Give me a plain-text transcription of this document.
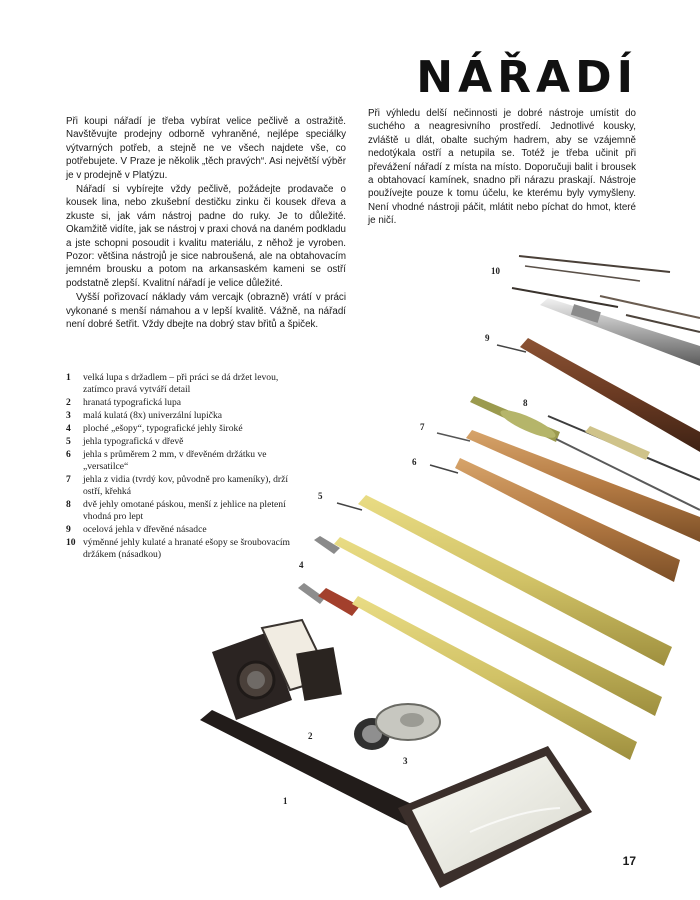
10
9
8
7
6
5
4
2
3
1
NÁŘADÍ

Při koupi nářadí je třeba vybírat velice pečlivě a ostražitě. Navštěvujte prodejny odborně vyhraněné, nejlépe speciálky výtvarných potřeb, a stejně ne ve všech najdete vše, co potřebujete. V Praze je několik „těch pravých“. Asi největší výběr je v prodejně v Platýzu.

Nářadí si vybírejte vždy pečlivě, požádejte prodavače o kousek lina, nebo zkušební destičku zinku či kousek dřeva a zkuste si, jak vám nástroj padne do ruky. Je to důležité. Okamžitě vidíte, jak se nástroj v praxi chová na daném podkladu a jste schopni posoudit i kvalitu materiálu, z něhož je vyroben. Pozor: většina nástrojů je sice nabroušená, ale na obtahovacím jemném brousku a potom na arkansaském kameni se ostří podstatně zlepší. Kvalitní nářadí je velice důležité.

Vyšší pořizovací náklady vám vercajk (obrazně) vrátí v práci vykonané s menší námahou a v lepší kvalitě. Vážně, na nářadí není dobré šetřit. Vždy dbejte na dobrý stav břitů a špiček.

Při výhledu delší nečinnosti je dobré nástroje umístit do suchého a neagresivního prostředí. Jednotlivé kousky, zvláště u dlát, obalte suchým hadrem, aby se vzájemně nedotýkala ostří a netupila se. Totéž je třeba učinit při převážení nářadí z místa na místo. Doporučuji balit i brousek a obtahovací kamínek, snadno při nárazu praskají. Nástroje používejte pouze k tomu účelu, ke kterému byly vymyšleny. Není vhodné nástroji páčit, mlátit nebo píchat do hmot, které je ničí.

1	velká lupa s držadlem – při práci se dá držet levou, zatímco pravá vytváří detail
2	hranatá typografická lupa
3	malá kulatá (8x) univerzální lupička
4	ploché „ešopy“, typografické jehly široké
5	jehla typografická v dřevě
6	jehla s průměrem 2 mm, v dřevěném držátku ve „versatilce“
7	jehla z vidia (tvrdý kov, původně pro kameníky), drží ostří, křehká
8	dvě jehly omotané páskou, menší z jehlice na pletení vhodná pro lept
9	ocelová jehla v dřevěné násadce
10 výměnné jehly kulaté a hranaté ešopy se šroubovacím držákem (násadkou)
17
